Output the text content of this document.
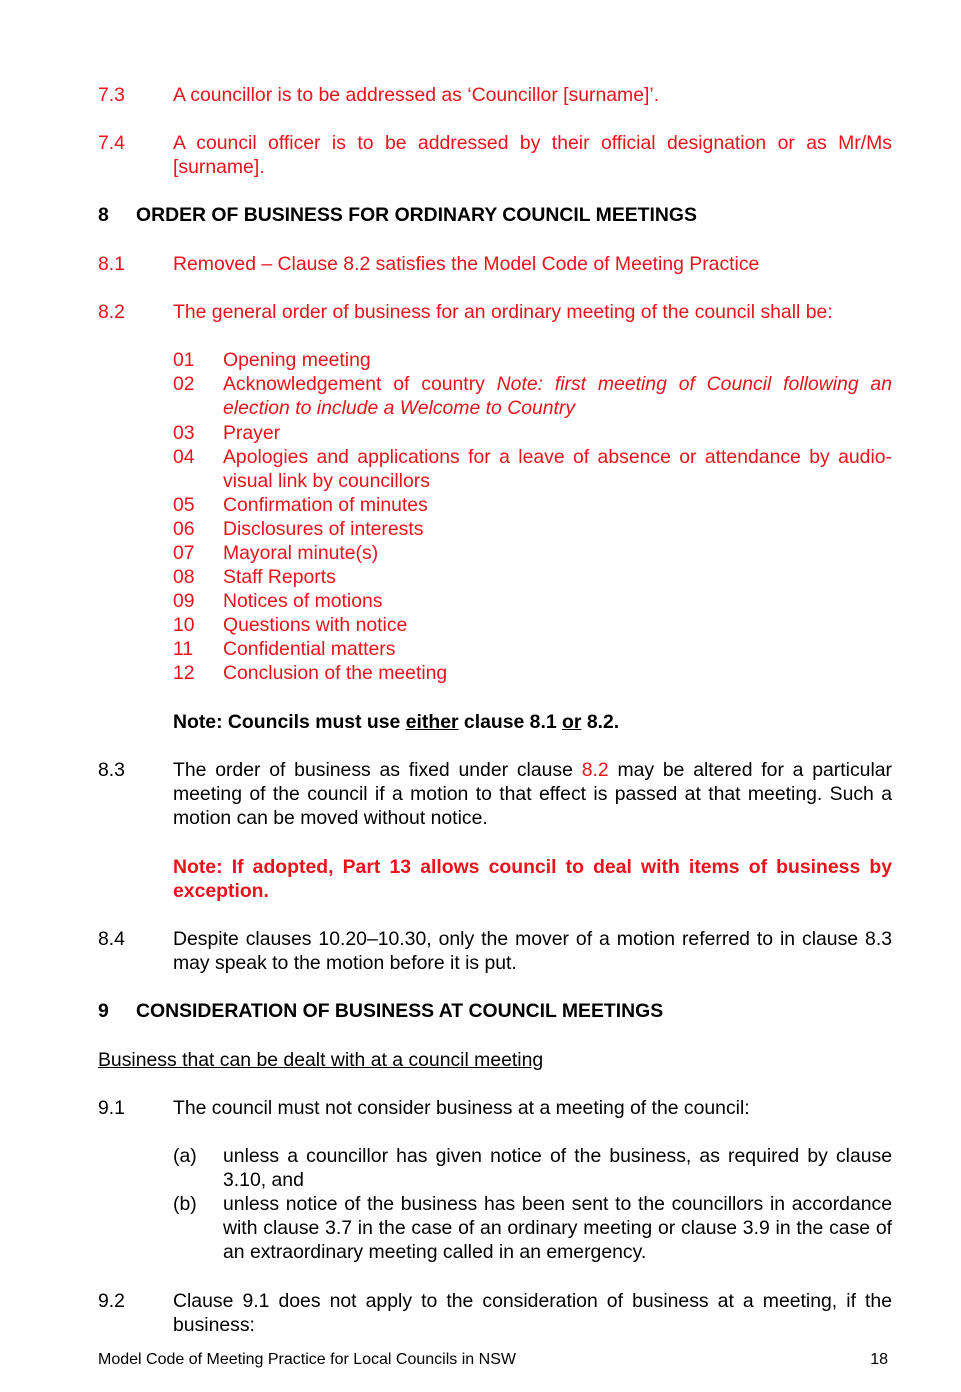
7.3 A councillor is to be addressed as ‘Councillor [surname]’.
7.4 A council officer is to be addressed by their official designation or as Mr/Ms [surname].
8 ORDER OF BUSINESS FOR ORDINARY COUNCIL MEETINGS
8.1 Removed – Clause 8.2 satisfies the Model Code of Meeting Practice
8.2 The general order of business for an ordinary meeting of the council shall be:
01 Opening meeting
02 Acknowledgement of country Note: first meeting of Council following an election to include a Welcome to Country
03 Prayer
04 Apologies and applications for a leave of absence or attendance by audio-visual link by councillors
05 Confirmation of minutes
06 Disclosures of interests
07 Mayoral minute(s)
08 Staff Reports
09 Notices of motions
10 Questions with notice
11 Confidential matters
12 Conclusion of the meeting
Note: Councils must use either clause 8.1 or 8.2.
8.3 The order of business as fixed under clause 8.2 may be altered for a particular meeting of the council if a motion to that effect is passed at that meeting. Such a motion can be moved without notice.
Note: If adopted, Part 13 allows council to deal with items of business by exception.
8.4 Despite clauses 10.20–10.30, only the mover of a motion referred to in clause 8.3 may speak to the motion before it is put.
9 CONSIDERATION OF BUSINESS AT COUNCIL MEETINGS
Business that can be dealt with at a council meeting
9.1 The council must not consider business at a meeting of the council:
(a) unless a councillor has given notice of the business, as required by clause 3.10, and
(b) unless notice of the business has been sent to the councillors in accordance with clause 3.7 in the case of an ordinary meeting or clause 3.9 in the case of an extraordinary meeting called in an emergency.
9.2 Clause 9.1 does not apply to the consideration of business at a meeting, if the business:
Model Code of Meeting Practice for Local Councils in NSW	18
